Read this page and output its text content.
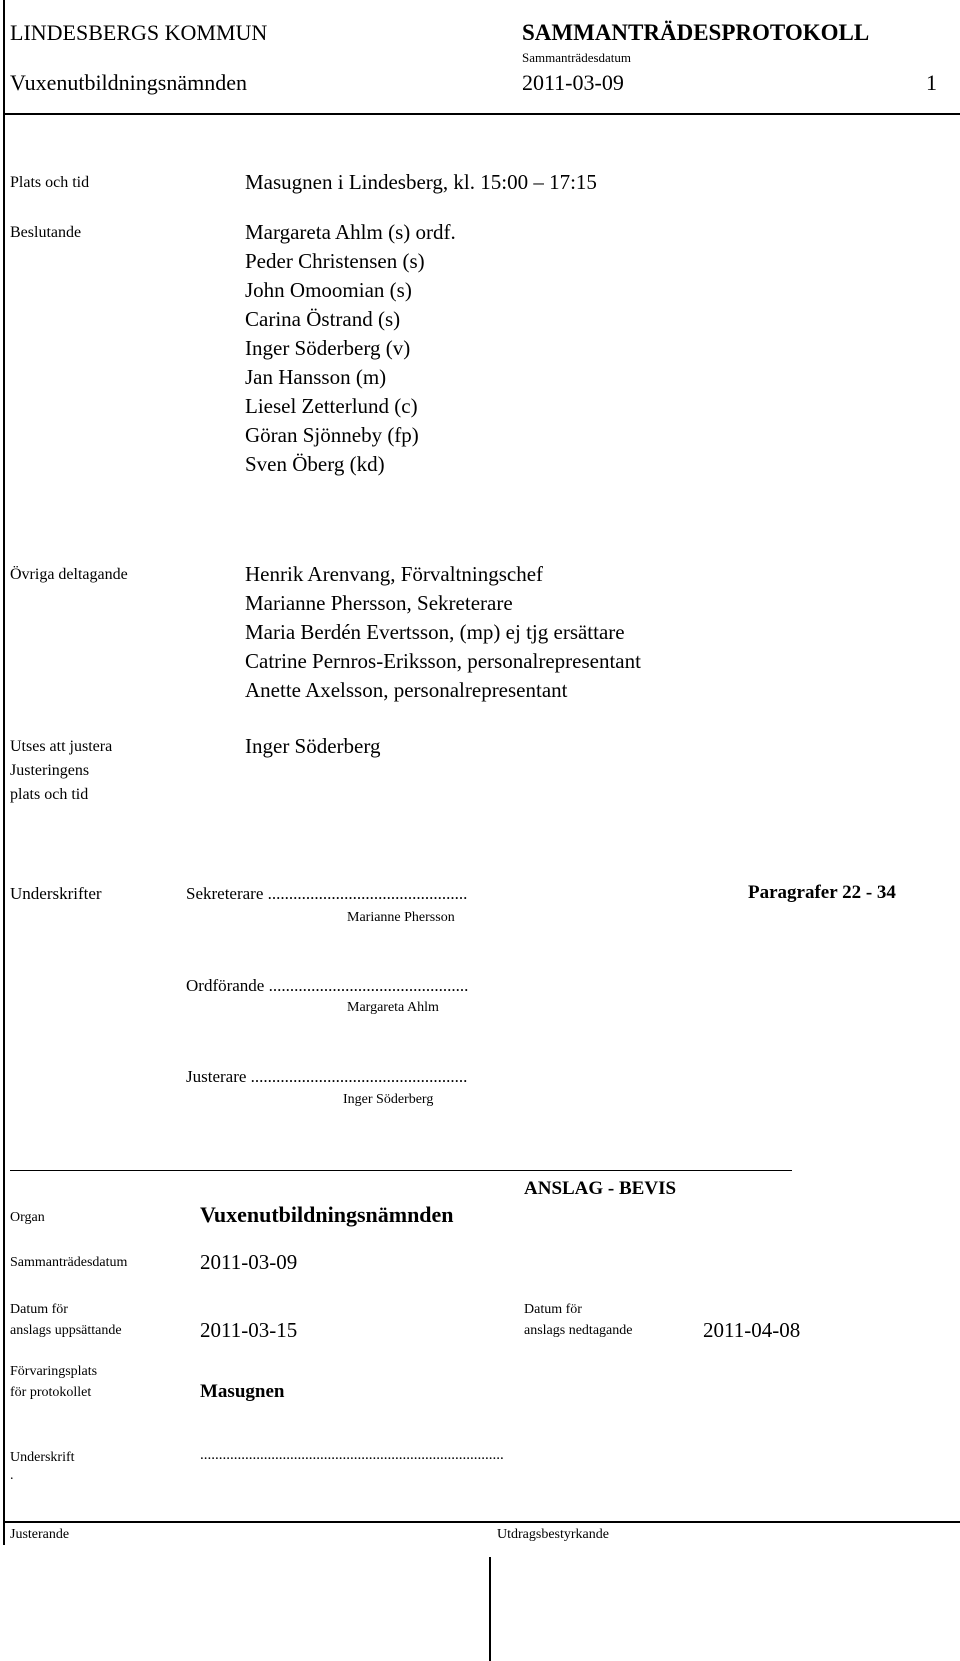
LINDESBERGS KOMMUN	SAMMANTRÄDESPROTOKOLL
Sammanträdesdatum
Vuxenutbildningsnämnden	2011-03-09	1
Plats och tid	Masugnen i Lindesberg, kl. 15:00 – 17:15
Beslutande	Margareta Ahlm (s) ordf.
Peder Christensen (s)
John Omoomian (s)
Carina Östrand (s)
Inger Söderberg (v)
Jan Hansson (m)
Liesel Zetterlund (c)
Göran Sjönneby (fp)
Sven Öberg (kd)
Övriga deltagande	Henrik Arenvang, Förvaltningschef
Marianne Phersson, Sekreterare
Maria Berdén Evertsson, (mp) ej tjg ersättare
Catrine Pernros-Eriksson, personalrepresentant
Anette Axelsson, personalrepresentant
Utses att justera	Inger Söderberg
Justeringens
plats och tid
Underskrifter	Sekreterare ...............................................	Paragrafer 22 - 34
Marianne Phersson
Ordförande ...............................................
Margareta Ahlm
Justerare ...................................................
Inger Söderberg
ANSLAG - BEVIS
Organ	Vuxenutbildningsnämnden
Sammanträdesdatum	2011-03-09
Datum för
anslags uppsättande	2011-03-15
Datum för
anslags nedtagande	2011-04-08
Förvaringsplats
för protokollet	Masugnen
Underskrift	.................................................................................
.
Justerande	Utdragsbestyrkande
